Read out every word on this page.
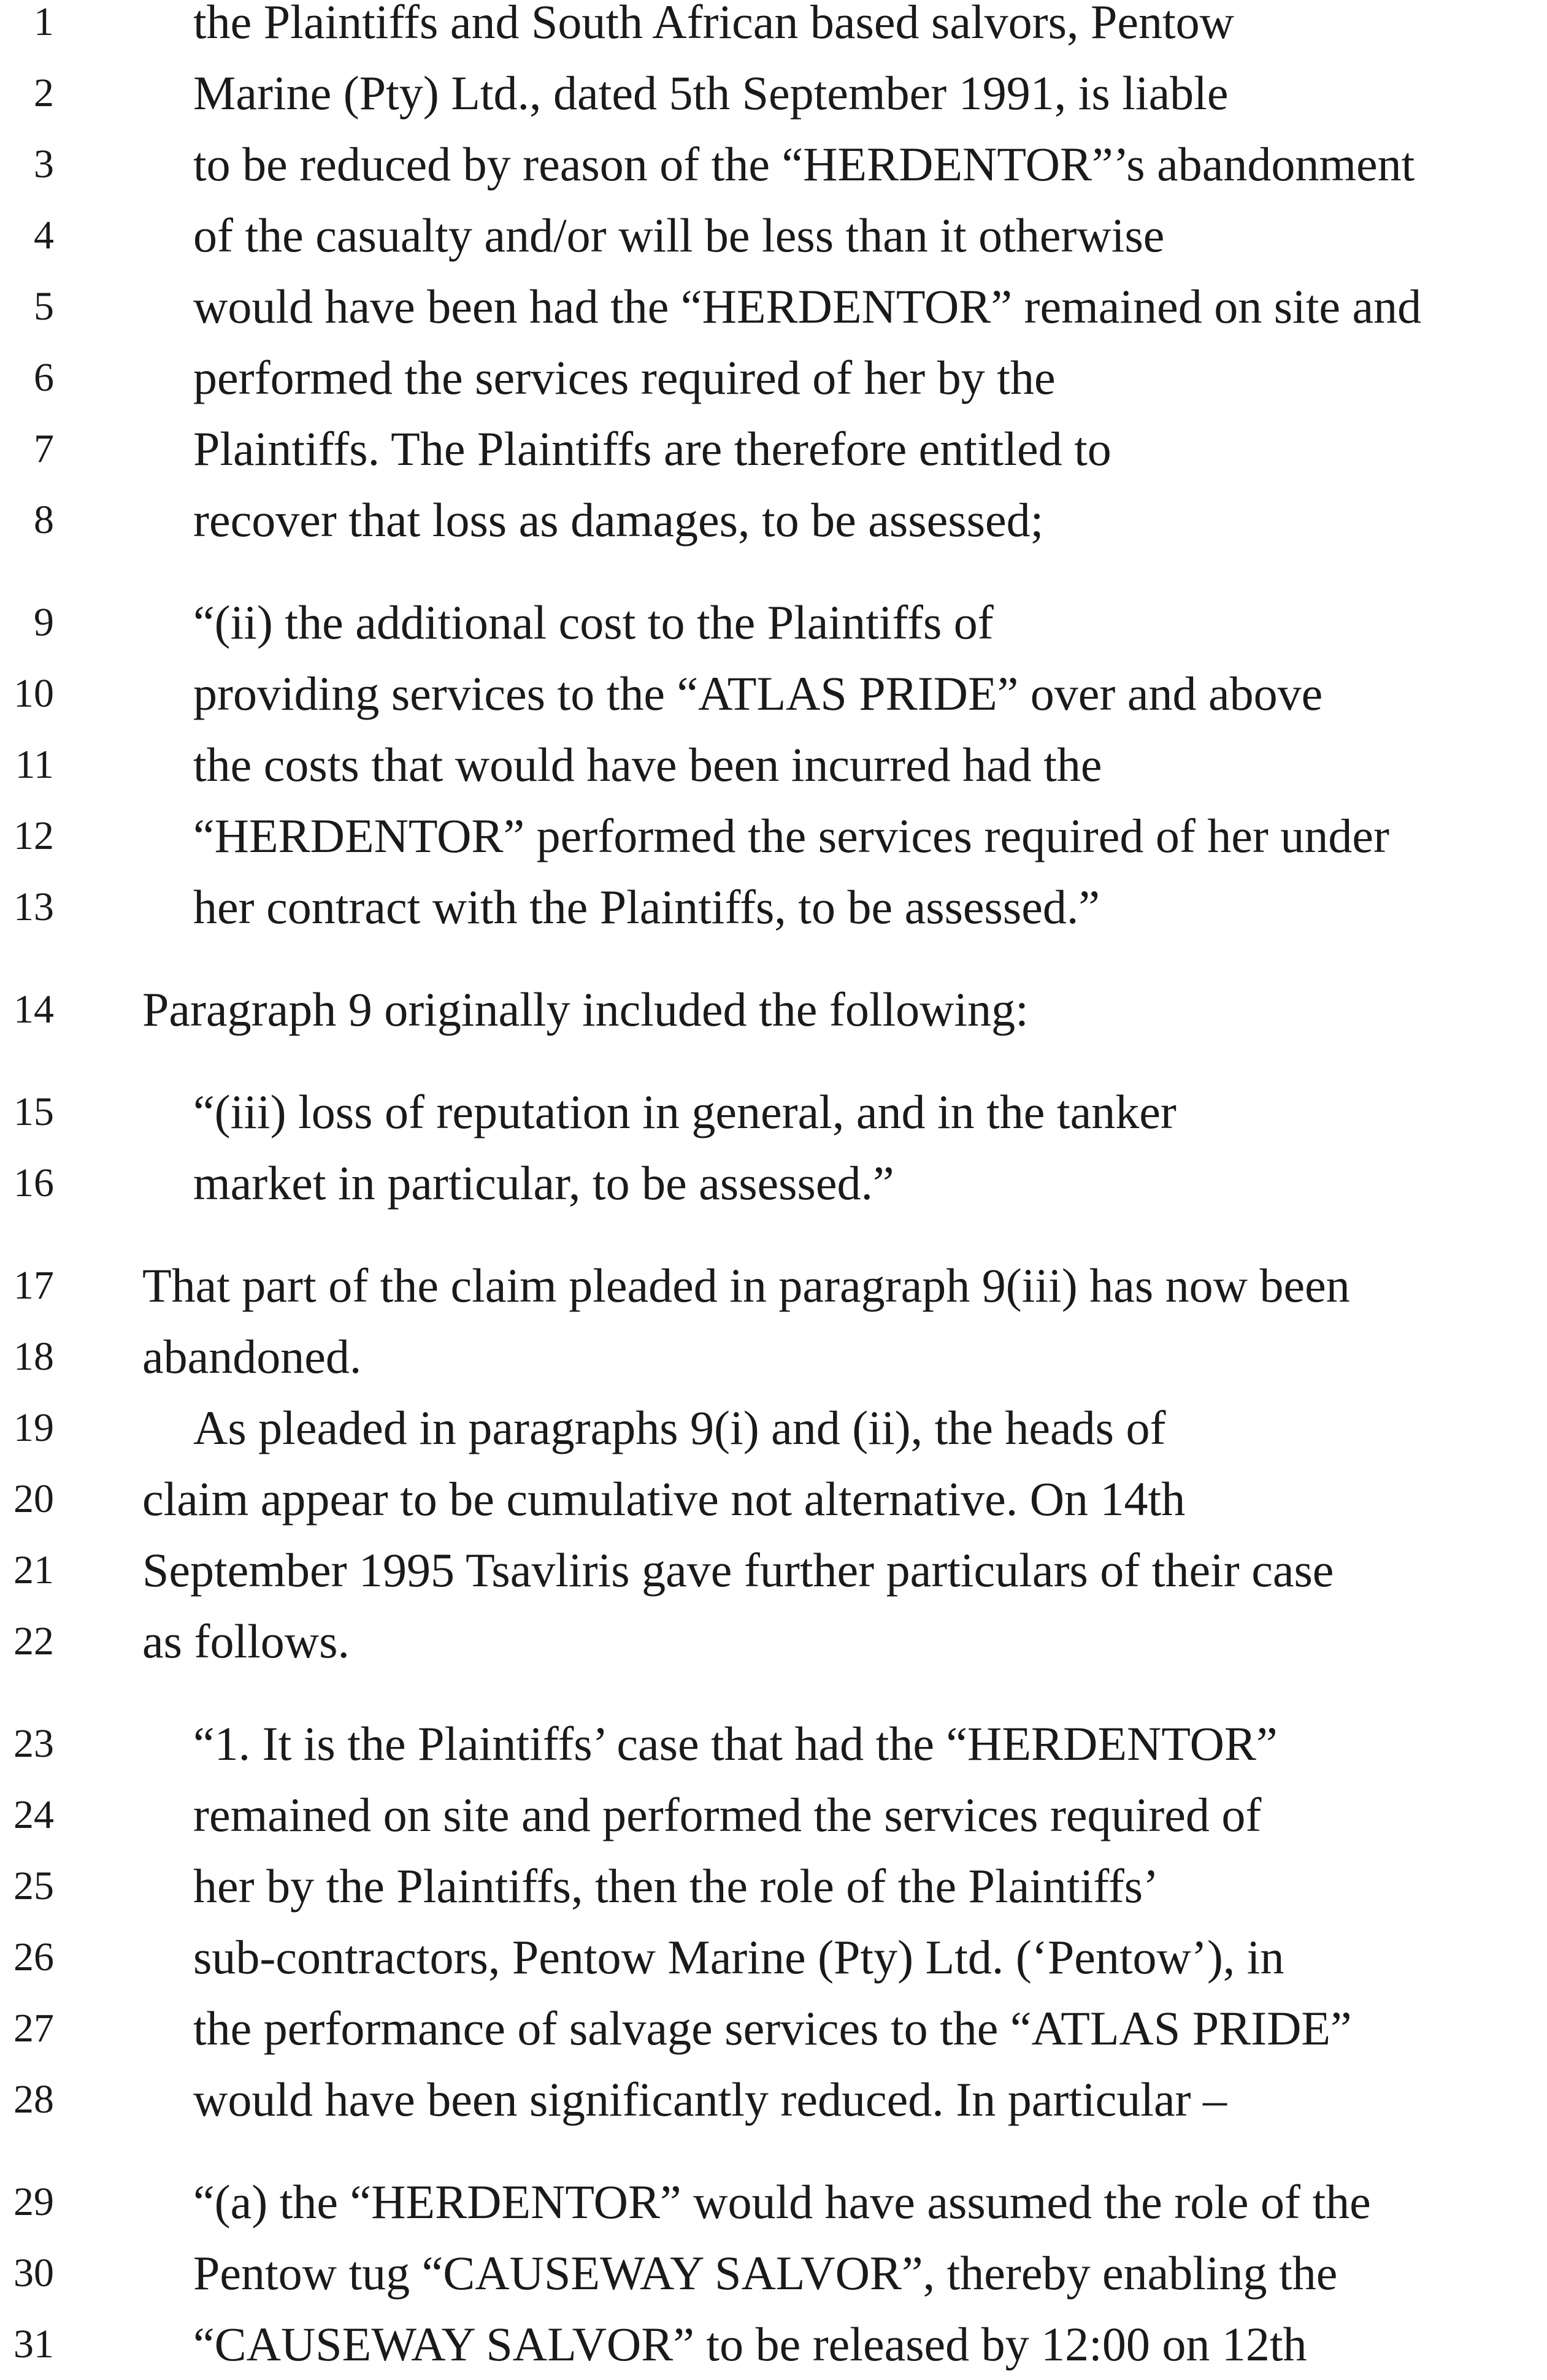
1	the Plaintiffs and South African based salvors, Pentow
2	Marine (Pty) Ltd., dated 5th September 1991, is liable
3	to be reduced by reason of the “HERDENTOR”’s abandonment
4	of the casualty and/or will be less than it otherwise
5	would have been had the “HERDENTOR” remained on site and
6	performed the services required of her by the
7	Plaintiffs. The Plaintiffs are therefore entitled to
8	recover that loss as damages, to be assessed;
9	“(ii) the additional cost to the Plaintiffs of
10	providing services to the “ATLAS PRIDE” over and above
11	the costs that would have been incurred had the
12	“HERDENTOR” performed the services required of her under
13	her contract with the Plaintiffs, to be assessed.”
14 Paragraph 9 originally included the following:
15	“(iii) loss of reputation in general, and in the tanker
16	market in particular, to be assessed.”
17 That part of the claim pleaded in paragraph 9(iii) has now been
18 abandoned.
19	As pleaded in paragraphs 9(i) and (ii), the heads of
20 claim appear to be cumulative not alternative. On 14th
21 September 1995 Tsavliris gave further particulars of their case
22 as follows.
23	“1. It is the Plaintiffs’ case that had the “HERDENTOR”
24	remained on site and performed the services required of
25	her by the Plaintiffs, then the role of the Plaintiffs’
26	sub-contractors, Pentow Marine (Pty) Ltd. (‘Pentow’), in
27	the performance of salvage services to the “ATLAS PRIDE”
28	would have been significantly reduced. In particular –
29	“(a) the “HERDENTOR” would have assumed the role of the
30	Pentow tug “CAUSEWAY SALVOR”, thereby enabling the
31	“CAUSEWAY SALVOR” to be released by 12:00 on 12th
